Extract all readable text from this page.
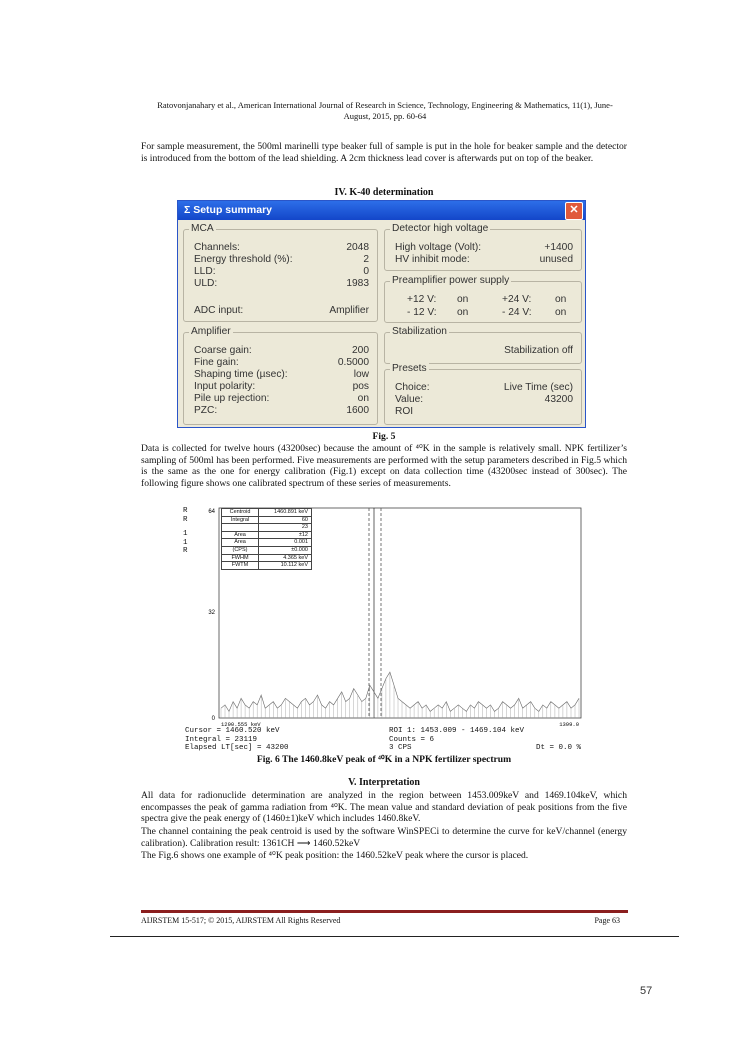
Ratovonjanahary et al., American International Journal of Research in Science, Technology, Engineering & Mathematics, 11(1), June-
August, 2015, pp. 60-64
For sample measurement, the 500ml marinelli type beaker full of sample is put in the hole for beaker sample and the detector is introduced from the bottom of the lead shielding. A 2cm thickness lead cover is afterwards put on top of the beaker.
IV. K-40 determination
Σ Setup summary	✕
MCA
Channels:	2048
Energy threshold (%):	2
LLD:	0
ULD:	1983
ADC input:	Amplifier
Detector high voltage
High voltage (Volt):	+1400
HV inhibit mode:	unused
Preamplifier power supply
+12 V: on	+24 V: on
- 12 V: on	- 24 V: on
Amplifier
Coarse gain:	200
Fine gain:	0.5000
Shaping time (µsec):	low
Input polarity:	pos
Pile up rejection:	on
PZC:	1600
Stabilization
Stabilization off
Presets
Choice:	Live Time (sec)
Value:	43200
ROI
Fig. 5
Data is collected for twelve hours (43200sec) because the amount of ⁴⁰K in the sample is relatively small. NPK fertilizer’s sampling of 500ml has been performed. Five measurements are performed with the setup parameters described in Fig.5 which is the same as the one for energy calibration (Fig.1) except on data collection time (43200sec instead of 300sec). The following figure shows one calibrated spectrum of these series of measurements.
R
R
1
1
R
64
32
0
1290.555 keV	1399.0
Centroid	1460.891 keV
Integral	60
	23
Area	±12
Area	0.001
(CPS)	±0.000
FWHM	4.365 keV
FWTM	10.112 keV
Cursor = 1460.520 keV
Integral = 23119
Elapsed LT[sec] = 43200
ROI 1: 1453.009 - 1469.104 keV
Counts = 6
3 CPS	Dt = 0.0 %
Fig. 6 The 1460.8keV peak of ⁴⁰K in a NPK fertilizer spectrum
V. Interpretation
All data for radionuclide determination are analyzed in the region between 1453.009keV and 1469.104keV, which encompasses the peak of gamma radiation from ⁴⁰K. The mean value and standard deviation of peak positions from the five spectra give the peak energy of (1460±1)keV which includes 1460.8keV.
The channel containing the peak centroid is used by the software WinSPECi to determine the curve for keV/channel (energy calibration). Calibration result: 1361CH ⟶ 1460.52keV
The Fig.6 shows one example of ⁴⁰K peak position: the 1460.52keV peak where the cursor is placed.
AIJRSTEM 15-517; © 2015, AIJRSTEM All Rights Reserved	Page 63
57
